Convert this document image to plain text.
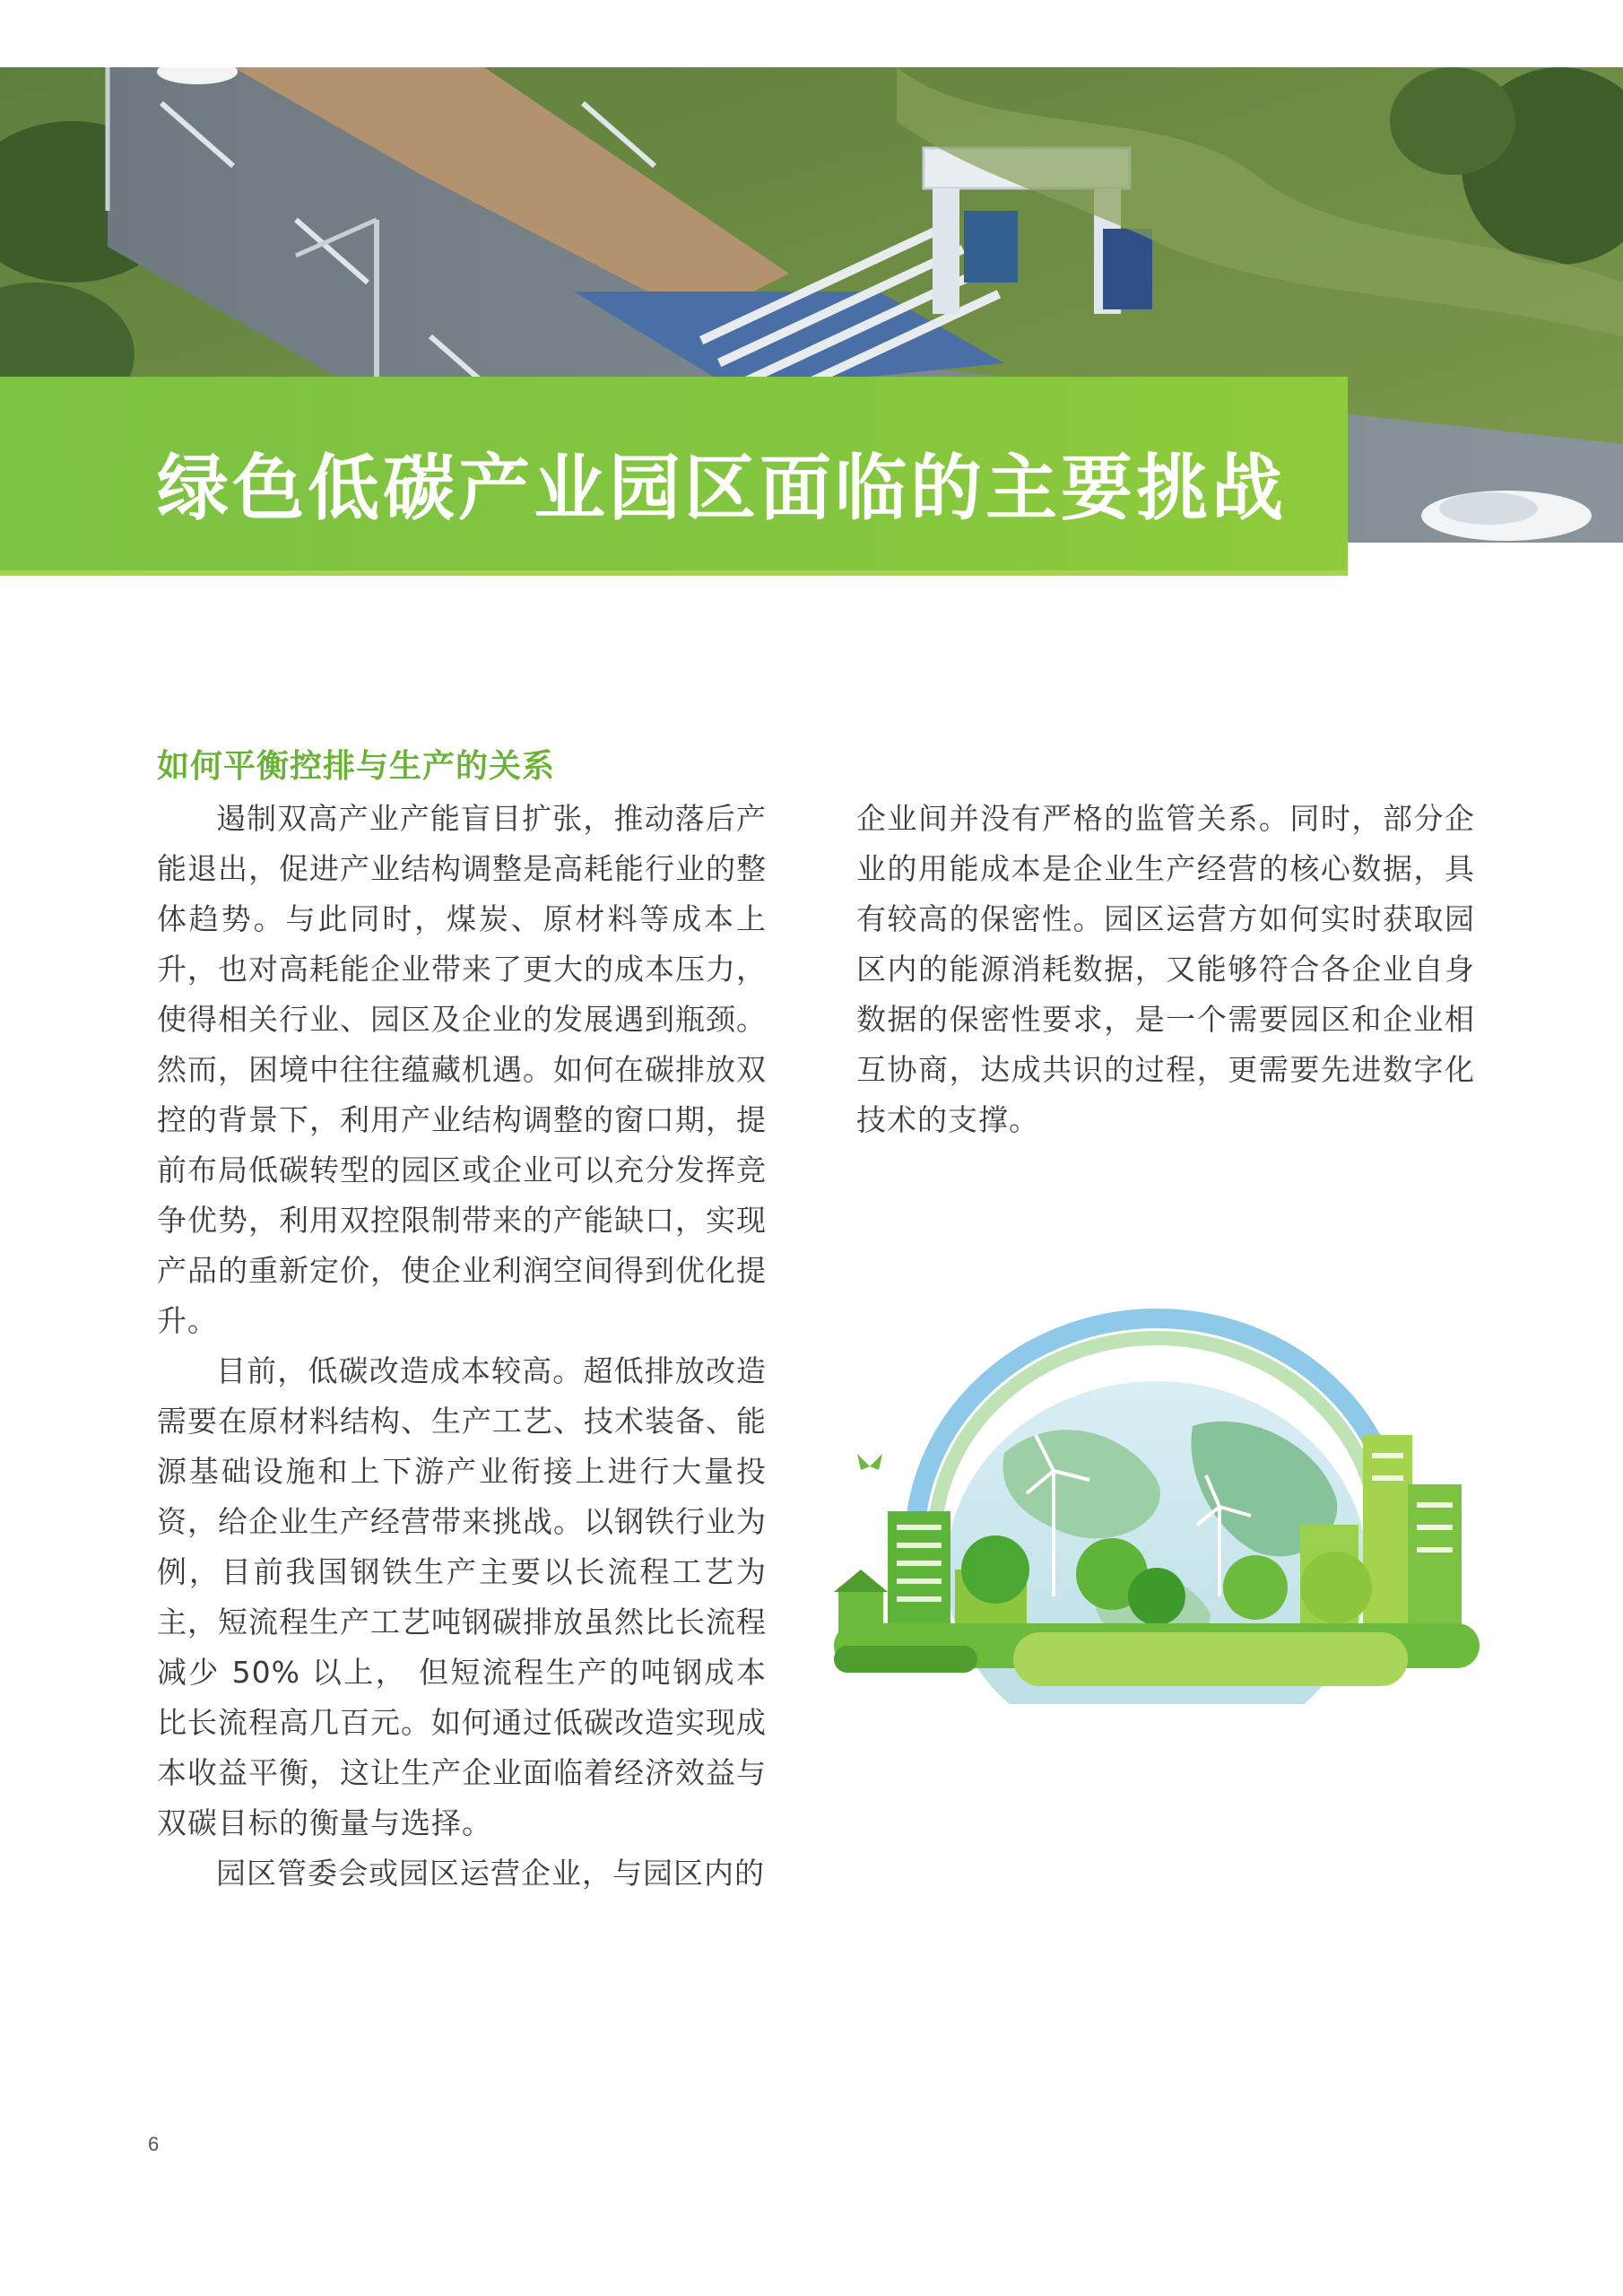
绿色低碳产业园区面临的主要挑战
如何平衡控排与生产的关系

遏制双高产业产能盲目扩张，推动落后产能退出，促进产业结构调整是高耗能行业的整体趋势。与此同时，煤炭、原材料等成本上升，也对高耗能企业带来了更大的成本压力，使得相关行业、园区及企业的发展遇到瓶颈。然而，困境中往往蕴藏机遇。如何在碳排放双控的背景下，利用产业结构调整的窗口期，提前布局低碳转型的园区或企业可以充分发挥竞争优势，利用双控限制带来的产能缺口，实现产品的重新定价，使企业利润空间得到优化提升。

目前，低碳改造成本较高。超低排放改造需要在原材料结构、生产工艺、技术装备、能源基础设施和上下游产业衔接上进行大量投资，给企业生产经营带来挑战。以钢铁行业为例，目前我国钢铁生产主要以长流程工艺为主，短流程生产工艺吨钢碳排放虽然比长流程减少 50% 以上， 但短流程生产的吨钢成本比长流程高几百元。如何通过低碳改造实现成本收益平衡，这让生产企业面临着经济效益与双碳目标的衡量与选择。

园区管委会或园区运营企业，与园区内的

企业间并没有严格的监管关系。同时，部分企业的用能成本是企业生产经营的核心数据，具有较高的保密性。园区运营方如何实时获取园区内的能源消耗数据，又能够符合各企业自身数据的保密性要求，是一个需要园区和企业相互协商，达成共识的过程，更需要先进数字化技术的支撑。

6
